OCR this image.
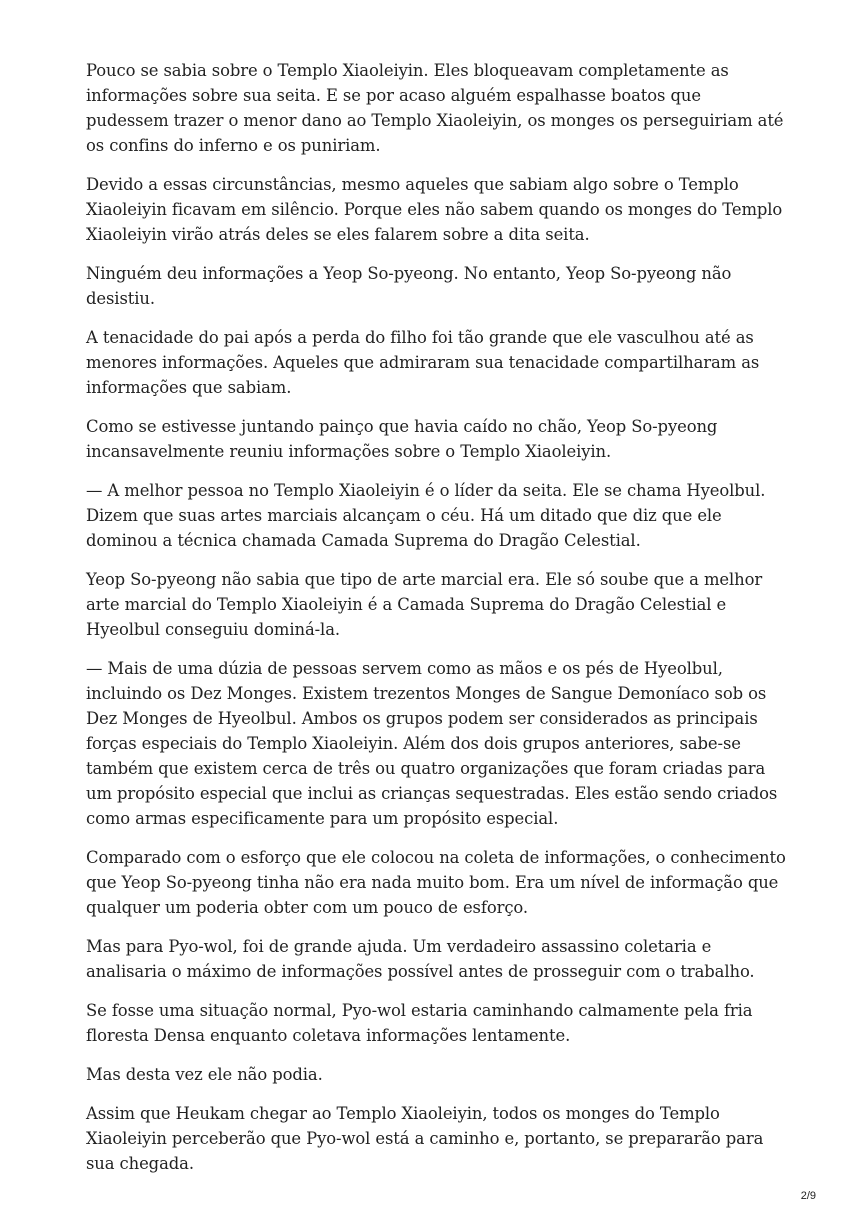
Pouco se sabia sobre o Templo Xiaoleiyin. Eles bloqueavam completamente as informações sobre sua seita. E se por acaso alguém espalhasse boatos que pudessem trazer o menor dano ao Templo Xiaoleiyin, os monges os perseguiriam até os confins do inferno e os puniriam.

Devido a essas circunstâncias, mesmo aqueles que sabiam algo sobre o Templo Xiaoleiyin ficavam em silêncio. Porque eles não sabem quando os monges do Templo Xiaoleiyin virão atrás deles se eles falarem sobre a dita seita.

Ninguém deu informações a Yeop So-pyeong. No entanto, Yeop So-pyeong não desistiu.

A tenacidade do pai após a perda do filho foi tão grande que ele vasculhou até as menores informações. Aqueles que admiraram sua tenacidade compartilharam as informações que sabiam.

Como se estivesse juntando painço que havia caído no chão, Yeop So-pyeong incansavelmente reuniu informações sobre o Templo Xiaoleiyin.

— A melhor pessoa no Templo Xiaoleiyin é o líder da seita. Ele se chama Hyeolbul. Dizem que suas artes marciais alcançam o céu. Há um ditado que diz que ele dominou a técnica chamada Camada Suprema do Dragão Celestial.

Yeop So-pyeong não sabia que tipo de arte marcial era. Ele só soube que a melhor arte marcial do Templo Xiaoleiyin é a Camada Suprema do Dragão Celestial e Hyeolbul conseguiu dominá-la.

— Mais de uma dúzia de pessoas servem como as mãos e os pés de Hyeolbul, incluindo os Dez Monges. Existem trezentos Monges de Sangue Demoníaco sob os Dez Monges de Hyeolbul. Ambos os grupos podem ser considerados as principais forças especiais do Templo Xiaoleiyin. Além dos dois grupos anteriores, sabe-se também que existem cerca de três ou quatro organizações que foram criadas para um propósito especial que inclui as crianças sequestradas. Eles estão sendo criados como armas especificamente para um propósito especial.

Comparado com o esforço que ele colocou na coleta de informações, o conhecimento que Yeop So-pyeong tinha não era nada muito bom. Era um nível de informação que qualquer um poderia obter com um pouco de esforço.

Mas para Pyo-wol, foi de grande ajuda. Um verdadeiro assassino coletaria e analisaria o máximo de informações possível antes de prosseguir com o trabalho.

Se fosse uma situação normal, Pyo-wol estaria caminhando calmamente pela fria floresta Densa enquanto coletava informações lentamente.

Mas desta vez ele não podia.

Assim que Heukam chegar ao Templo Xiaoleiyin, todos os monges do Templo Xiaoleiyin perceberão que Pyo-wol está a caminho e, portanto, se prepararão para sua chegada.

2/9
